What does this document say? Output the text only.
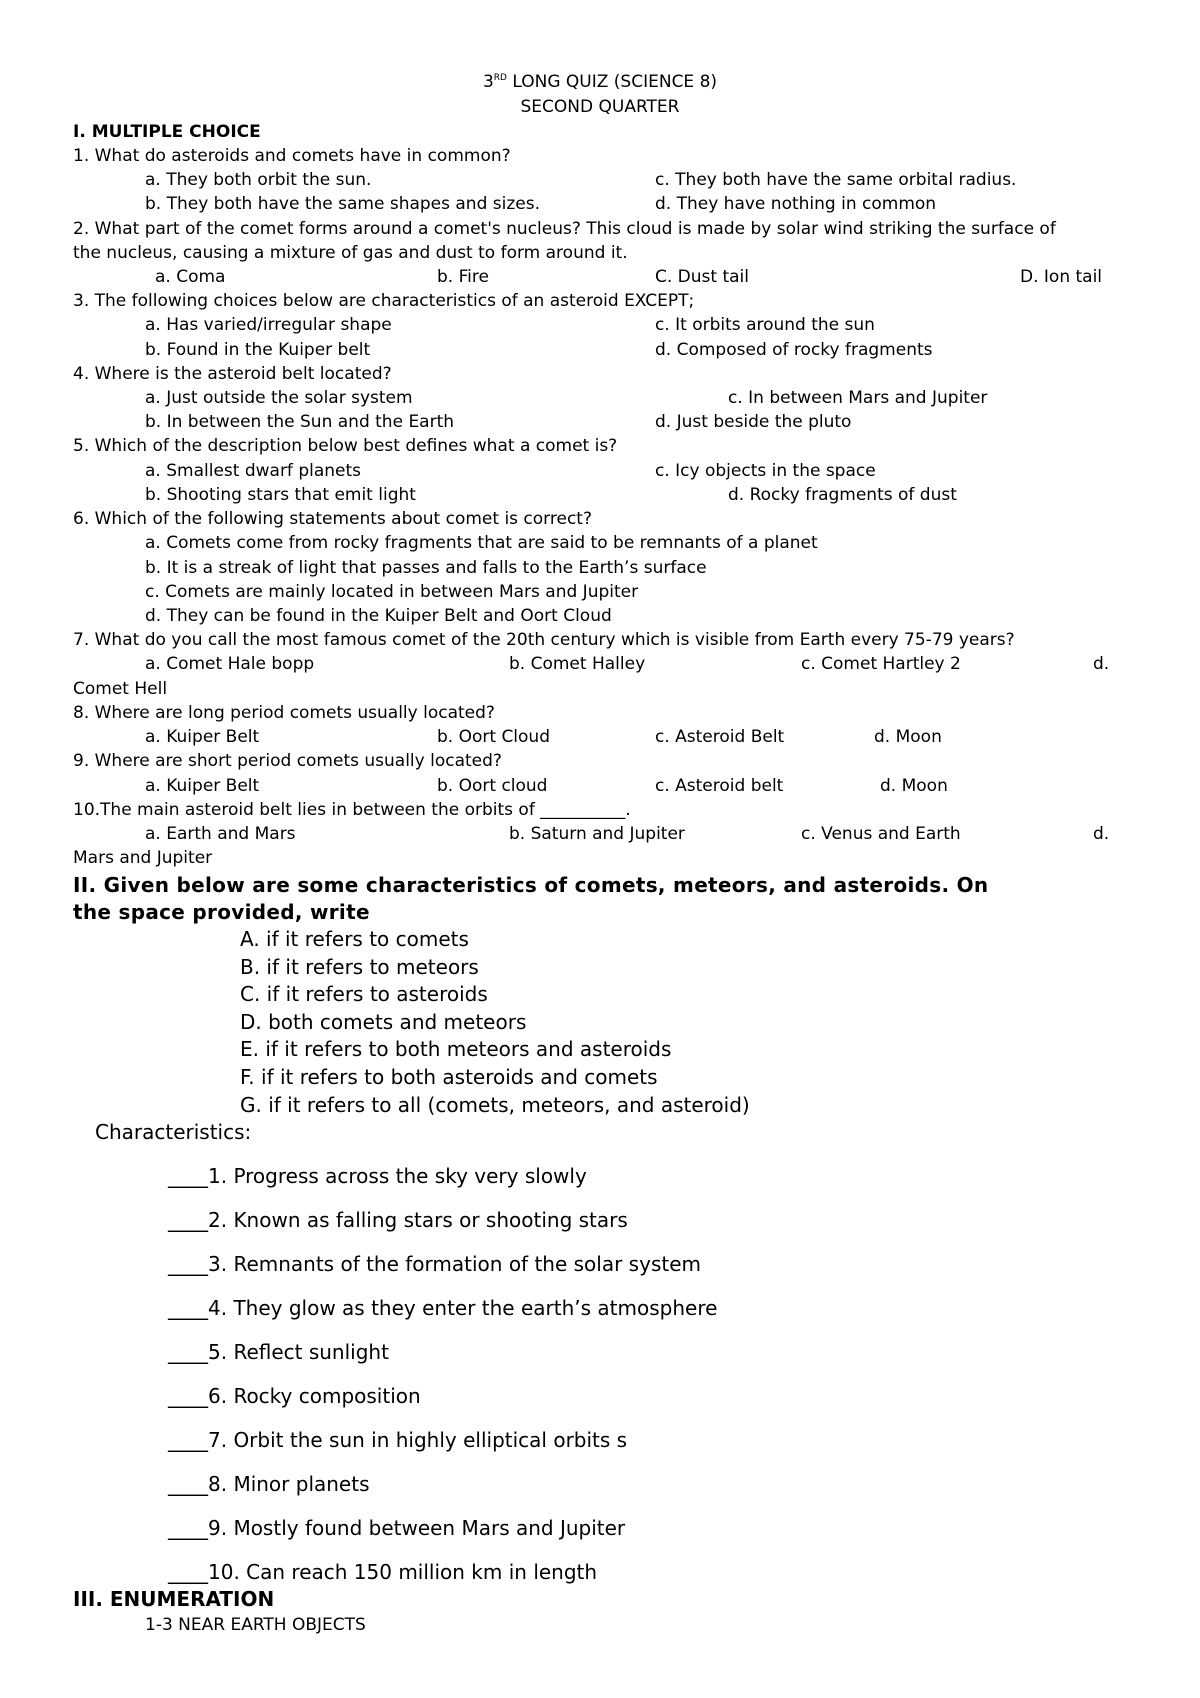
3RD LONG QUIZ (SCIENCE 8)
SECOND QUARTER
I. MULTIPLE CHOICE
1. What do asteroids and comets have in common?
a. They both orbit the sun.	c. They both have the same orbital radius.
b. They both have the same shapes and sizes.	d. They have nothing in common
2. What part of the comet forms around a comet's nucleus? This cloud is made by solar wind striking the surface of
the nucleus, causing a mixture of gas and dust to form around it.
a. Coma	b. Fire	C. Dust tail	D. Ion tail
3. The following choices below are characteristics of an asteroid EXCEPT;
a. Has varied/irregular shape	c. It orbits around the sun
b. Found in the Kuiper belt	d. Composed of rocky fragments
4. Where is the asteroid belt located?
a. Just outside the solar system	c. In between Mars and Jupiter
b. In between the Sun and the Earth	d. Just beside the pluto
5. Which of the description below best defines what a comet is?
a. Smallest dwarf planets	c. Icy objects in the space
b. Shooting stars that emit light	d. Rocky fragments of dust
6. Which of the following statements about comet is correct?
a. Comets come from rocky fragments that are said to be remnants of a planet
b. It is a streak of light that passes and falls to the Earth’s surface
c. Comets are mainly located in between Mars and Jupiter
d. They can be found in the Kuiper Belt and Oort Cloud
7. What do you call the most famous comet of the 20th century which is visible from Earth every 75-79 years?
a. Comet Hale bopp	b. Comet Halley	c. Comet Hartley 2	d.
Comet Hell
8. Where are long period comets usually located?
a. Kuiper Belt	b. Oort Cloud	c. Asteroid Belt	d. Moon
9. Where are short period comets usually located?
a. Kuiper Belt	b. Oort cloud	c. Asteroid belt	d. Moon
10.The main asteroid belt lies in between the orbits of __________.
a. Earth and Mars	b. Saturn and Jupiter	c. Venus and Earth	d.
Mars and Jupiter
II. Given below are some characteristics of comets, meteors, and asteroids. On
the space provided, write
A. if it refers to comets
B. if it refers to meteors
C. if it refers to asteroids
D. both comets and meteors
E. if it refers to both meteors and asteroids
F. if it refers to both asteroids and comets
G. if it refers to all (comets, meteors, and asteroid)
Characteristics:
____1. Progress across the sky very slowly
____2. Known as falling stars or shooting stars
____3. Remnants of the formation of the solar system
____4. They glow as they enter the earth’s atmosphere
____5. Reflect sunlight
____6. Rocky composition
____7. Orbit the sun in highly elliptical orbits s
____8. Minor planets
____9. Mostly found between Mars and Jupiter
____10. Can reach 150 million km in length
III. ENUMERATION
1-3 NEAR EARTH OBJECTS
